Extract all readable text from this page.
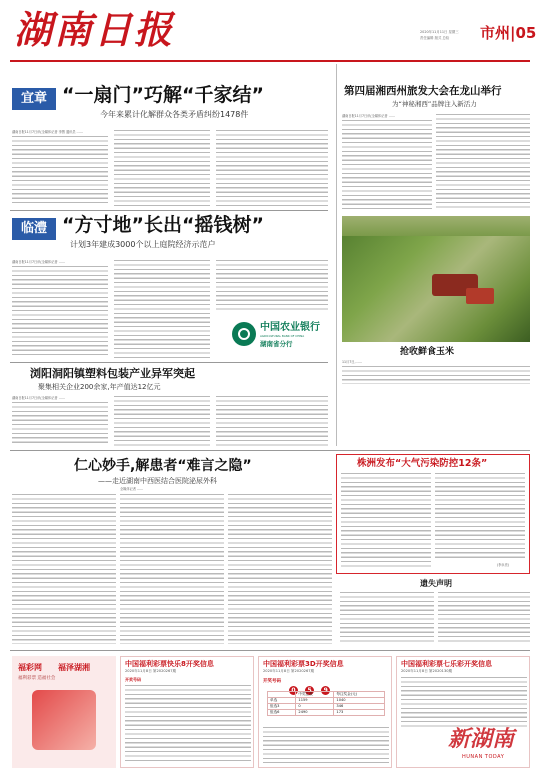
湖南日报	2020年11月11日 星期三
责任编辑 版式 总检	市州|05
宜章 “一扇门”巧解“千家结”
今年来累计化解群众各类矛盾纠纷1478件
湖南日报11月7日讯(全媒体记者 李慧 通讯员 ……
临澧 “方寸地”长出“摇钱树”
计划3年建成3000个以上庭院经济示范户
湖南日报11月7日讯(全媒体记者 ……
中国农业银行
AGRICULTURAL BANK OF CHINA
湖南省分行
浏阳洞阳镇塑料包装产业异军突起
聚集相关企业200余家,年产值达12亿元
湖南日报11月7日讯(全媒体记者 ……
第四届湘西州旅发大会在龙山举行
为“神秘湘西”品牌注入新活力
湖南日报11月7日讯(全媒体记者 ……
抢收鲜食玉米
11月7日,……
仁心妙手,解患者“难言之隐”
——走近湖南中西医结合医院泌尿外科
全媒体记者 ……
株洲发布“大气污染防控12条”
(李永亮)
遗失声明
福彩网 福泽湖湘
福利彩票 造福社会
中国福利彩票快乐8开奖信息
2020年11月8日 第2020267期
开奖号码
中国福利彩票3D开奖信息
2020年11月8日 第2020267期
开奖号码
0 5 9
	中奖注数	每注奖金(元)
单选	1159	1040
组选3	0	346
组选6	2490	173
中国福利彩票七乐彩开奖信息
2020年11月8日 第2020130期
新湖南
HUNAN TODAY
